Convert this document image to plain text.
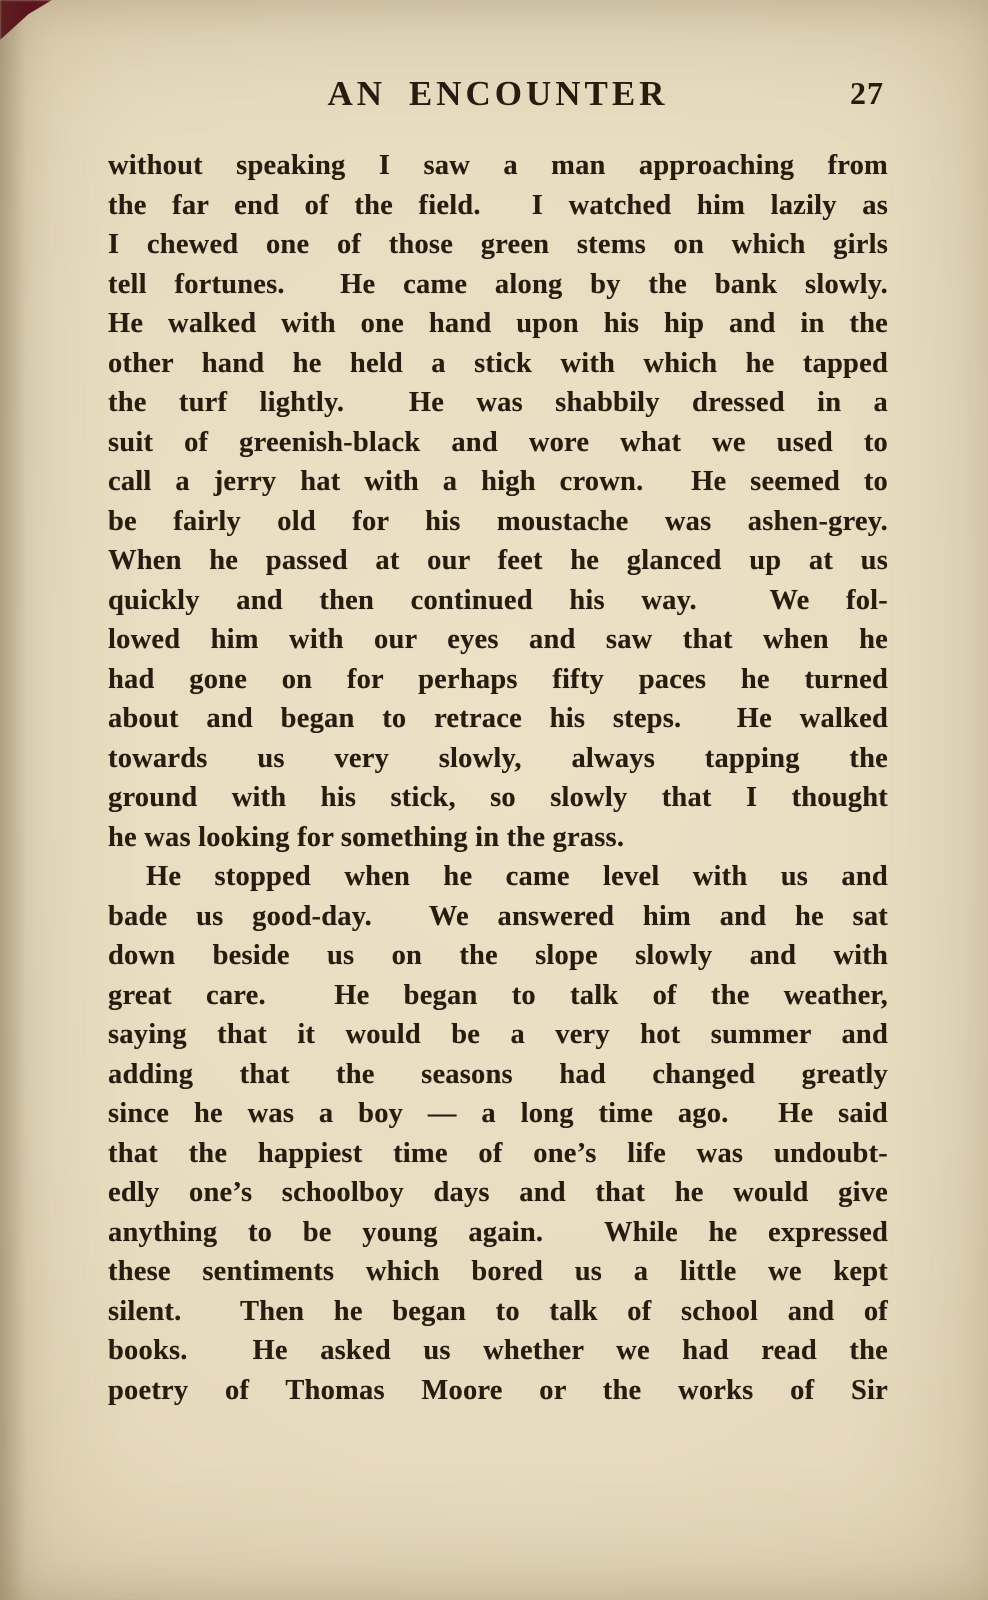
AN ENCOUNTER	27
without speaking I saw a man approaching from
the far end of the field.  I watched him lazily as
I chewed one of those green stems on which girls
tell fortunes.  He came along by the bank slowly.
He walked with one hand upon his hip and in the
other hand he held a stick with which he tapped
the turf lightly.  He was shabbily dressed in a
suit of greenish-black and wore what we used to
call a jerry hat with a high crown.  He seemed to
be fairly old for his moustache was ashen-grey.
When he passed at our feet he glanced up at us
quickly and then continued his way.  We fol-
lowed him with our eyes and saw that when he
had gone on for perhaps fifty paces he turned
about and began to retrace his steps.  He walked
towards us very slowly, always tapping the
ground with his stick, so slowly that I thought
he was looking for something in the grass.
He stopped when he came level with us and
bade us good-day.  We answered him and he sat
down beside us on the slope slowly and with
great care.  He began to talk of the weather,
saying that it would be a very hot summer and
adding that the seasons had changed greatly
since he was a boy — a long time ago.  He said
that the happiest time of one’s life was undoubt-
edly one’s schoolboy days and that he would give
anything to be young again.  While he expressed
these sentiments which bored us a little we kept
silent.  Then he began to talk of school and of
books.  He asked us whether we had read the
poetry of Thomas Moore or the works of Sir
